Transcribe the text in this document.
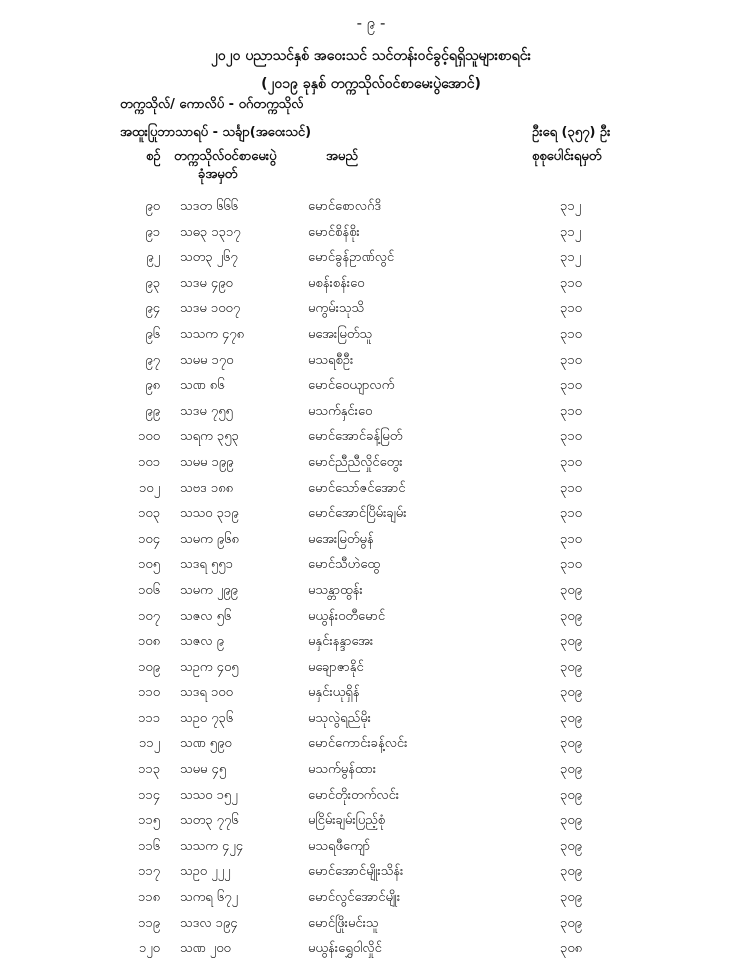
- ၉ -
၂၀၂၀ ပညာသင်နှစ် အဝေးသင် သင်တန်းဝင်ခွင့်ရရှိသူများစာရင်း
(၂၀၁၉ ခုနှစ် တက္ကသိုလ်ဝင်စာမေးပွဲအောင်)
တက္ကသိုလ်/ ကောလိပ် - ဝဂ်တက္ကသိုလ်
အထူးပြုဘာသာရပ် - သင်္ချာ(အဝေးသင်)	ဦးရေ (၃၅၇) ဦး
စဉ် တက္ကသိုလ်ဝင်စာမေးပွဲ
ခုံအမှတ်
အမည်	စုစုပေါင်းရမှတ်
၉၀ သဒတ ၆၆၆	မောင်စောလဂ်ဒိ	၃၁၂
၉၁ သဓ၃ ၁၃၁၇	မောင်စိန်စိုး	၃၁၂
၉၂ သတ၃ ၂၆၇	မောင်ခွန်ဥာဏ်လွင်	၃၁၂
၉၃ သဒမ ၄၉၀	မစန်းစန်းဝေ	၃၁၀
၉၄ သဒမ ၁၀၀၇	မကွမ်းသုသိ	၃၁၀
၉၆ သသက ၄၇၈	မအေးမြတ်သူ	၃၁၀
၉၇ သမမ ၁၇၀	မသရစီဦး	၃၁၀
၉၈ သဏ ၈၆	မောင်ဝေယျာလက်	၃၁၀
၉၉ သဒမ ၇၅၅	မသက်နှင်းဝေ	၃၁၀
၁၀၀ သရက ၃၅၃	မောင်အောင်ခန့်မြတ်	၃၁၀
၁၀၁ သမမ ၁၉၉	မောင်ညီညီလှိုင်တွေး	၃၁၀
၁၀၂ သဗဒ ၁၈၈	မောင်သော်ဇင်အောင်	၃၁၀
၁၀၃ သသဝ ၃၁၉	မောင်အောင်ပြိမ်းချမ်း	၃၁၀
၁၀၄ သမက ၉၆၈	မအေးမြတ်မွန်	၃၁၀
၁၀၅ သဒရ ၅၅၁	မောင်သီဟဲထွေ	၃၁၀
၁၀၆ သမက ၂၉၉	မသန္တာထွန်း	၃၀၉
၁၀၇ သဇလ ၅၆	မယွန်းဝတီမောင်	၃၀၉
၁၀၈ သဇလ ၉	မနှင်းနန္ဒာအေး	၃၀၉
၁၀၉ သဥက ၄၀၅	မချောဇာနိုင်	၃၀၉
၁၁၀ သဒရ ၁၀၀	မနှင်းယုရှိန်	၃၀၉
၁၁၁ သဥဝ ၇၃၆	မသုလွဲရည်မိုး	၃၀၉
၁၁၂ သဏ ၅၉၀	မောင်ကောင်းခန့်လင်း	၃၀၉
၁၁၃ သမမ ၄၅	မသက်မွန်ထား	၃၀၉
၁၁၄ သသဝ ၁၅၂	မောင်တိုးတက်လင်း	၃၀၉
၁၁၅ သတ၃ ၇၇၆	မငြိမ်းချမ်းပြည့်စုံ	၃၀၉
၁၁၆ သသက ၄၂၄	မသရဖီကျော်	၃၀၉
၁၁၇ သဥဝ ၂၂၂	မောင်အောင်မျိုးသိန်း	၃၀၉
၁၁၈ သကရ ၆၇၂	မောင်လွင်အောင်မျိုး	၃၀၉
၁၁၉ သဒလ ၁၉၄	မောင်ဖြိုးမင်းသူ	၃၀၉
၁၂၀ သဏ ၂၀၀	မယွန်းရွှေဝါလှိုင်	၃၀၈
